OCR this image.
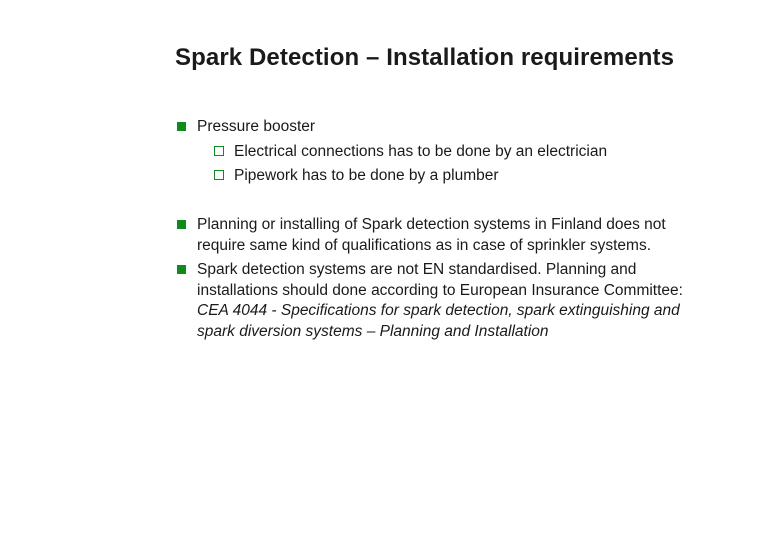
Spark Detection – Installation requirements
Pressure booster
Electrical connections has to be done by an electrician
Pipework has to be done by a plumber
Planning or installing of Spark detection systems in Finland does not
require same kind of qualifications as in case of sprinkler systems.
Spark detection systems are not EN standardised. Planning and
installations should done according to European Insurance Committee:
CEA 4044 - Specifications for spark detection, spark extinguishing and
spark diversion systems – Planning and Installation
